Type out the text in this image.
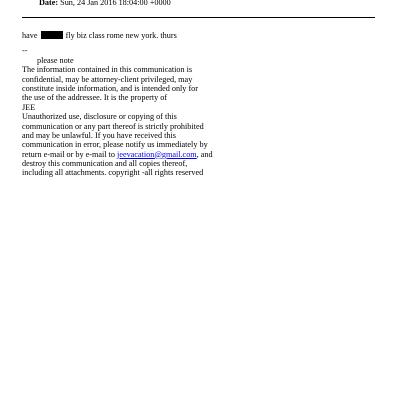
Date: Sun, 24 Jan 2016 18:04:00 +0000
have	fly biz class rome new york. thurs
--
please note
The information contained in this communication is
confidential, may be attorney-client privileged, may
constitute inside information, and is intended only for
the use of the addressee. It is the property of
JEE
Unauthorized use, disclosure or copying of this
communication or any part thereof is strictly prohibited
and may be unlawful. If you have received this
communication in error, please notify us immediately by
return e-mail or by e-mail to jeevacation@gmail.com, and
destroy this communication and all copies thereof,
including all attachments. copyright -all rights reserved
